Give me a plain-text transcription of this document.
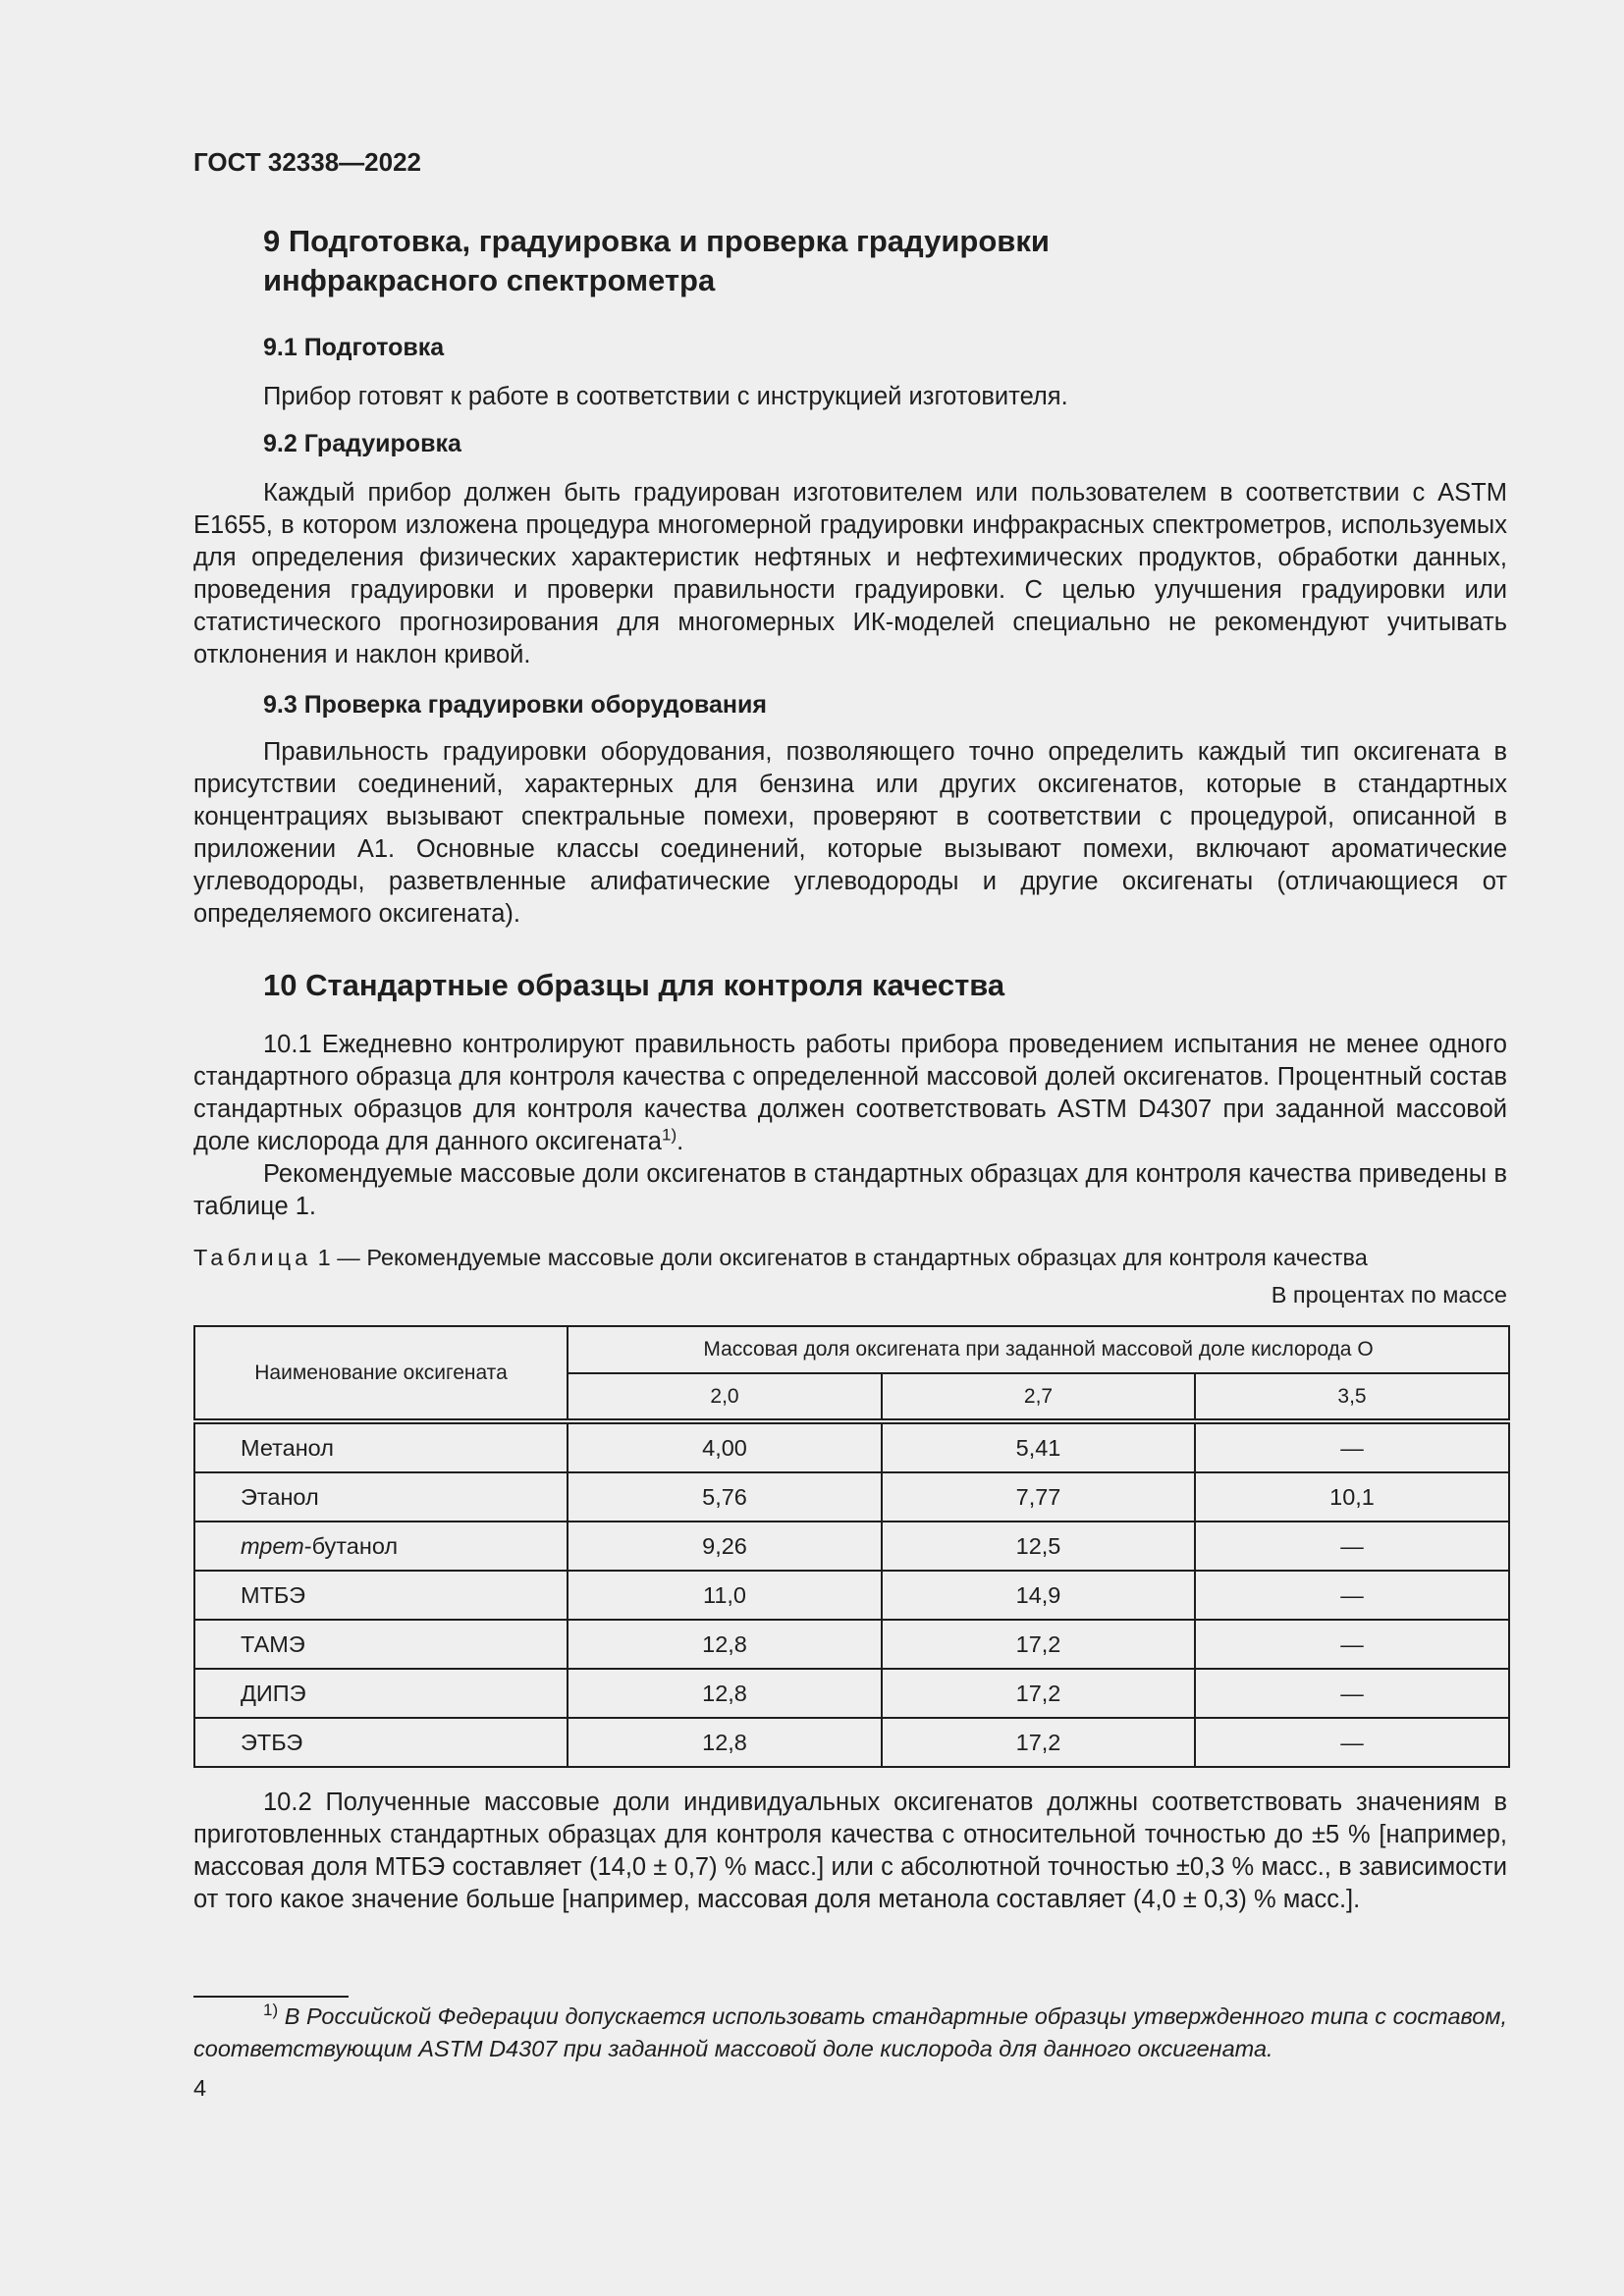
ГОСТ 32338—2022
9 Подготовка, градуировка и проверка градуировки
инфракрасного спектрометра
9.1 Подготовка
Прибор готовят к работе в соответствии с инструкцией изготовителя.
9.2 Градуировка
Каждый прибор должен быть градуирован изготовителем или пользователем в соответствии с ASTM E1655, в котором изложена процедура многомерной градуировки инфракрасных спектрометров, используемых для определения физических характеристик нефтяных и нефтехимических продуктов, обработки данных, проведения градуировки и проверки правильности градуировки. С целью улучшения градуировки или статистического прогнозирования для многомерных ИК-моделей специально не рекомендуют учитывать отклонения и наклон кривой.
9.3 Проверка градуировки оборудования
Правильность градуировки оборудования, позволяющего точно определить каждый тип оксигената в присутствии соединений, характерных для бензина или других оксигенатов, которые в стандартных концентрациях вызывают спектральные помехи, проверяют в соответствии с процедурой, описанной в приложении А1. Основные классы соединений, которые вызывают помехи, включают ароматические углеводороды, разветвленные алифатические углеводороды и другие оксигенаты (отличающиеся от определяемого оксигената).
10 Стандартные образцы для контроля качества
10.1 Ежедневно контролируют правильность работы прибора проведением испытания не менее одного стандартного образца для контроля качества с определенной массовой долей оксигенатов. Процентный состав стандартных образцов для контроля качества должен соответствовать ASTM D4307 при заданной массовой доле кислорода для данного оксигената$^{1)}$.
Рекомендуемые массовые доли оксигенатов в стандартных образцах для контроля качества приведены в таблице 1.
Таблица 1 — Рекомендуемые массовые доли оксигенатов в стандартных образцах для контроля качества
В процентах по массе
Наименование оксигената	Массовая доля оксигената при заданной массовой доле кислорода О		
	2,0	2,7	3,5
Метанол	4,00	5,41	—
Этанол	5,76	7,77	10,1
трет-бутанол	9,26	12,5	—
МТБЭ	11,0	14,9	—
ТАМЭ	12,8	17,2	—
ДИПЭ	12,8	17,2	—
ЭТБЭ	12,8	17,2	—
10.2 Полученные массовые доли индивидуальных оксигенатов должны соответствовать значениям в приготовленных стандартных образцах для контроля качества с относительной точностью до ±5 % [например, массовая доля МТБЭ составляет (14,0 ± 0,7) % масс.] или с абсолютной точностью ±0,3 % масс., в зависимости от того какое значение больше [например, массовая доля метанола составляет (4,0 ± 0,3) % масс.].
$^{1)}$ В Российской Федерации допускается использовать стандартные образцы утвержденного типа с составом, соответствующим ASTM D4307 при заданной массовой доле кислорода для данного оксигената.
4
